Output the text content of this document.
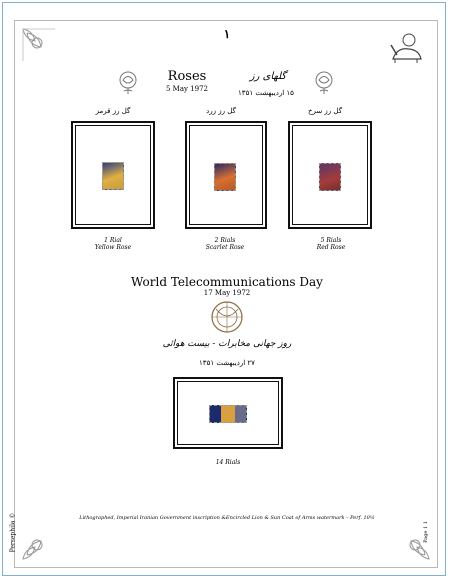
۱
Roses
5 May 1972
گلهای رز
۱۵ اردیبهشت ۱۳۵۱
گل رز قرمز	گل رز زرد	گل رز سرخ
1 Rial
Yellow Rose
2 Rials
Scarlet Rose
5 Rials
Red Rose
World Telecommunications Day
17 May 1972
روز جهانی مخابرات - بیست هوائی
۲۷ اردیبهشت ۱۳۵۱
14 Rials
Lithographed, Imperial Iranian Government inscription &Encircled Lion & Sun Coat of Arms watermark – Perf. 10½
Persephila ©	Page 1 1
